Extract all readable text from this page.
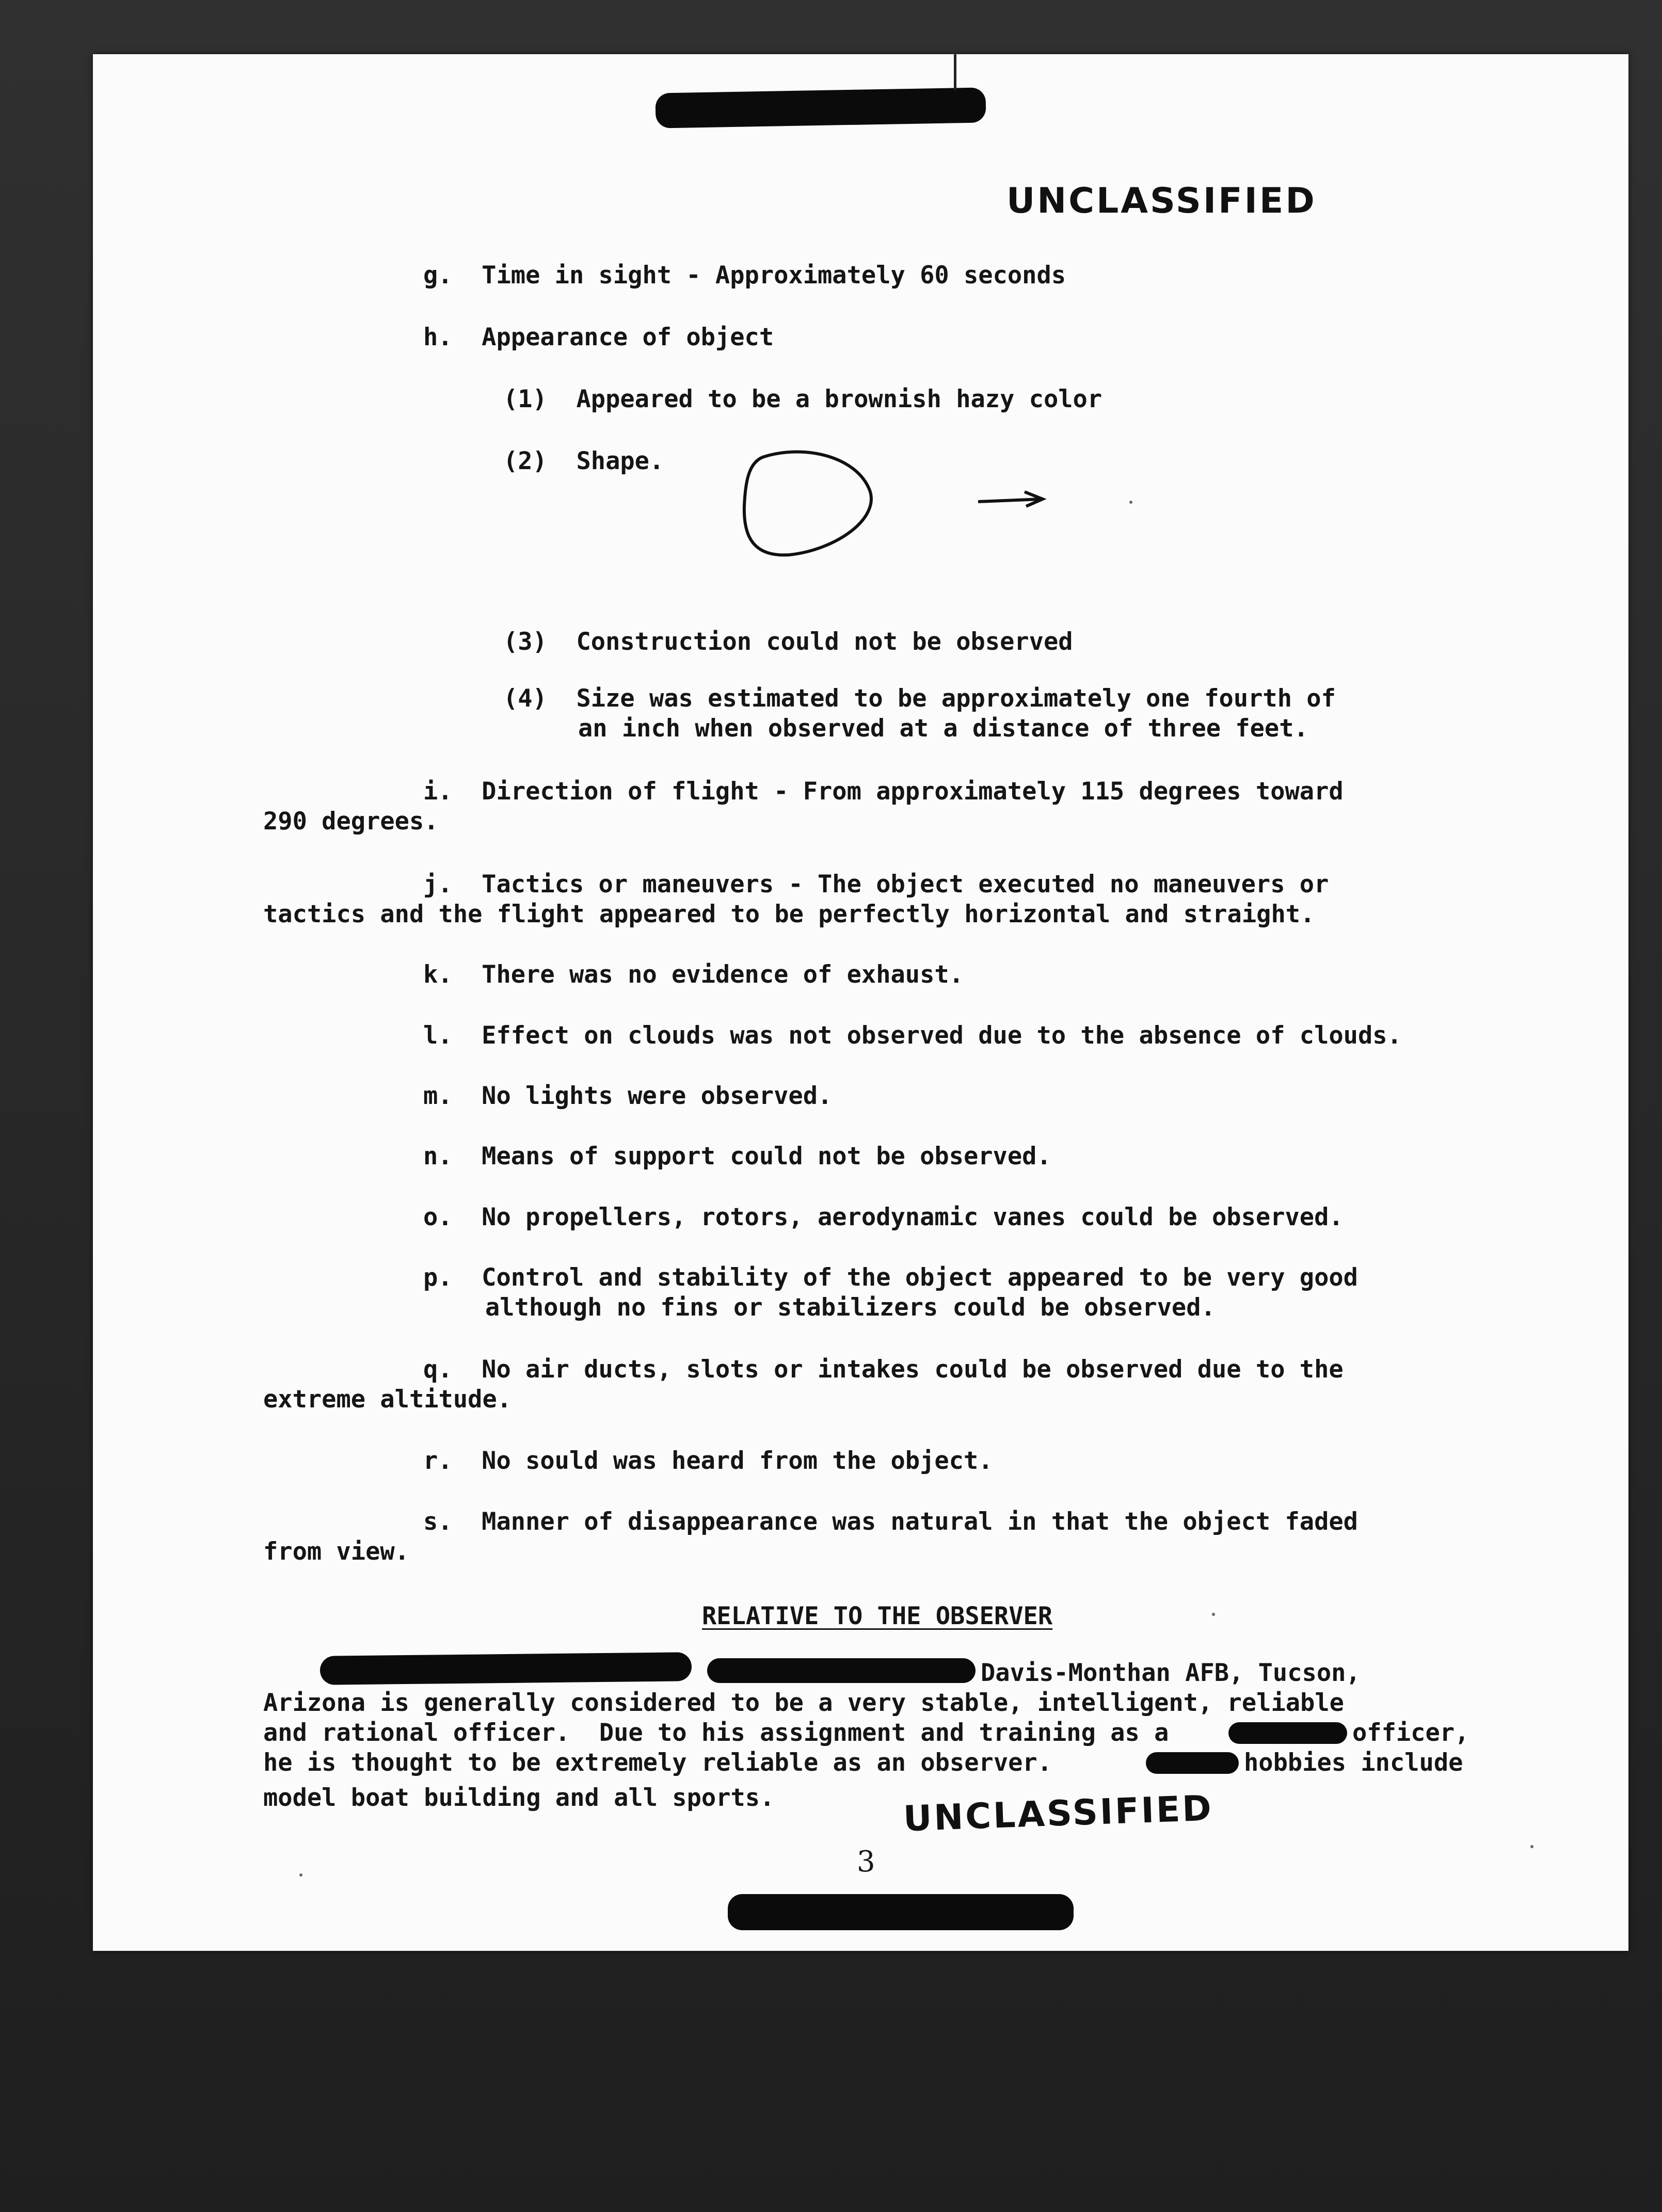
UNCLASSIFIED
g.  Time in sight - Approximately 60 seconds
h.  Appearance of object
(1)  Appeared to be a brownish hazy color
(2)  Shape.
(3)  Construction could not be observed
(4)  Size was estimated to be approximately one fourth of
an inch when observed at a distance of three feet.
i.  Direction of flight - From approximately 115 degrees toward
290 degrees.
j.  Tactics or maneuvers - The object executed no maneuvers or
tactics and the flight appeared to be perfectly horizontal and straight.
k.  There was no evidence of exhaust.
l.  Effect on clouds was not observed due to the absence of clouds.
m.  No lights were observed.
n.  Means of support could not be observed.
o.  No propellers, rotors, aerodynamic vanes could be observed.
p.  Control and stability of the object appeared to be very good
although no fins or stabilizers could be observed.
q.  No air ducts, slots or intakes could be observed due to the
extreme altitude.
r.  No sould was heard from the object.
s.  Manner of disappearance was natural in that the object faded
from view.
RELATIVE TO THE OBSERVER
Davis-Monthan AFB, Tucson,
Arizona is generally considered to be a very stable, intelligent, reliable
and rational officer.  Due to his assignment and training as a	officer,
he is thought to be extremely reliable as an observer.	hobbies include
model boat building and all sports.	UNCLASSIFIED
3
